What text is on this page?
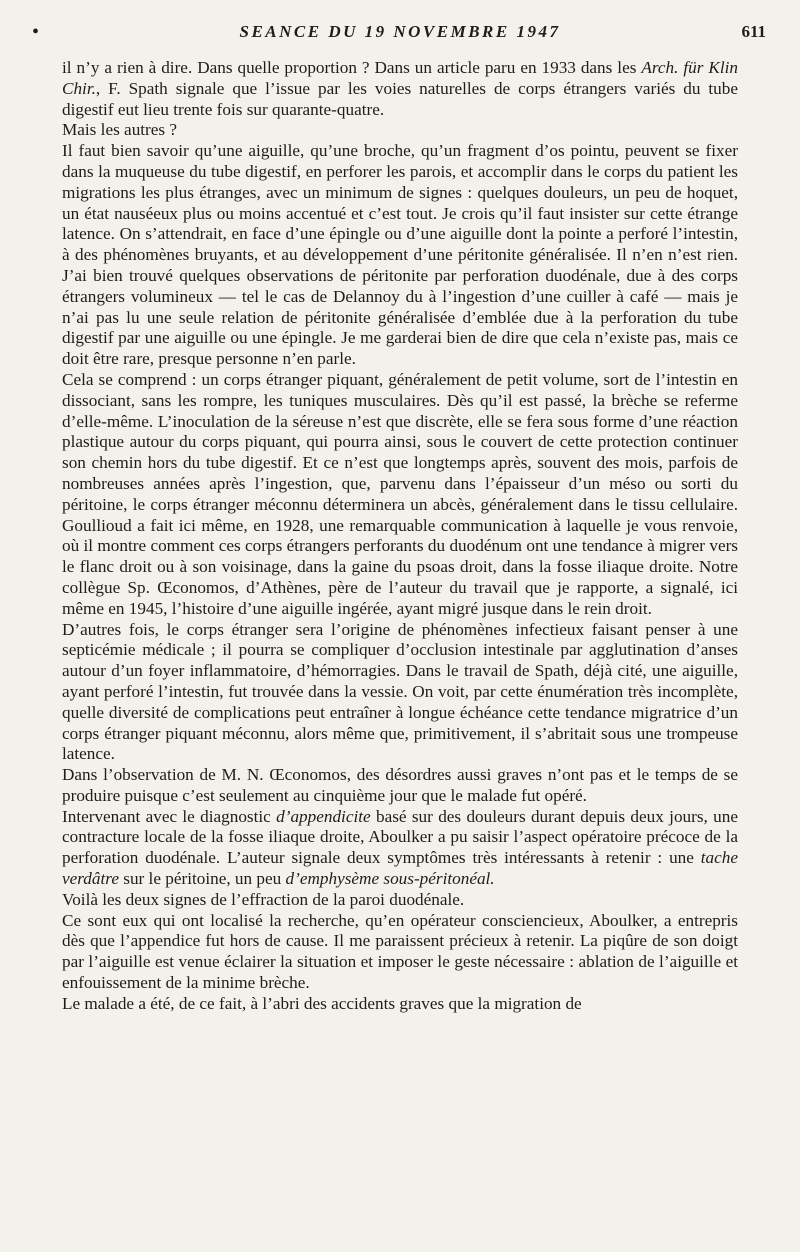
•	SEANCE DU 19 NOVEMBRE 1947	611

il n’y a rien à dire. Dans quelle proportion ? Dans un article paru en 1933 dans les Arch. für Klin Chir., F. Spath signale que l’issue par les voies naturelles de corps étrangers variés du tube digestif eut lieu trente fois sur quarante-quatre.

Mais les autres ?

Il faut bien savoir qu’une aiguille, qu’une broche, qu’un fragment d’os pointu, peuvent se fixer dans la muqueuse du tube digestif, en perforer les parois, et accomplir dans le corps du patient les migrations les plus étranges, avec un minimum de signes : quelques douleurs, un peu de hoquet, un état nauséeux plus ou moins accentué et c’est tout. Je crois qu’il faut insister sur cette étrange latence. On s’attendrait, en face d’une épingle ou d’une aiguille dont la pointe a perforé l’intestin, à des phénomènes bruyants, et au développement d’une péritonite généralisée. Il n’en n’est rien. J’ai bien trouvé quelques observations de péritonite par perforation duodénale, due à des corps étrangers volumineux — tel le cas de Delannoy du à l’ingestion d’une cuiller à café — mais je n’ai pas lu une seule relation de péritonite généralisée d’emblée due à la perforation du tube digestif par une aiguille ou une épingle. Je me garderai bien de dire que cela n’existe pas, mais ce doit être rare, presque personne n’en parle.

Cela se comprend : un corps étranger piquant, généralement de petit volume, sort de l’intestin en dissociant, sans les rompre, les tuniques musculaires. Dès qu’il est passé, la brèche se referme d’elle-même. L’inoculation de la séreuse n’est que discrète, elle se fera sous forme d’une réaction plastique autour du corps piquant, qui pourra ainsi, sous le couvert de cette protection continuer son chemin hors du tube digestif. Et ce n’est que longtemps après, souvent des mois, parfois de nombreuses années après l’ingestion, que, parvenu dans l’épaisseur d’un méso ou sorti du péritoine, le corps étranger méconnu déterminera un abcès, généralement dans le tissu cellulaire. Goullioud a fait ici même, en 1928, une remarquable communication à laquelle je vous renvoie, où il montre comment ces corps étrangers perforants du duodénum ont une tendance à migrer vers le flanc droit ou à son voisinage, dans la gaine du psoas droit, dans la fosse iliaque droite. Notre collègue Sp. Œconomos, d’Athènes, père de l’auteur du travail que je rapporte, a signalé, ici même en 1945, l’histoire d’une aiguille ingérée, ayant migré jusque dans le rein droit.

D’autres fois, le corps étranger sera l’origine de phénomènes infectieux faisant penser à une septicémie médicale ; il pourra se compliquer d’occlusion intestinale par agglutination d’anses autour d’un foyer inflammatoire, d’hémorragies. Dans le travail de Spath, déjà cité, une aiguille, ayant perforé l’intestin, fut trouvée dans la vessie. On voit, par cette énumération très incomplète, quelle diversité de complications peut entraîner à longue échéance cette tendance migratrice d’un corps étranger piquant méconnu, alors même que, primitivement, il s’abritait sous une trompeuse latence.

Dans l’observation de M. N. Œconomos, des désordres aussi graves n’ont pas et le temps de se produire puisque c’est seulement au cinquième jour que le malade fut opéré.

Intervenant avec le diagnostic d’appendicite basé sur des douleurs durant depuis deux jours, une contracture locale de la fosse iliaque droite, Aboulker a pu saisir l’aspect opératoire précoce de la perforation duodénale. L’auteur signale deux symptômes très intéressants à retenir : une tache verdâtre sur le péritoine, un peu d’emphysème sous-péritonéal.

Voilà les deux signes de l’effraction de la paroi duodénale.

Ce sont eux qui ont localisé la recherche, qu’en opérateur consciencieux, Aboulker, a entrepris dès que l’appendice fut hors de cause. Il me paraissent précieux à retenir. La piqûre de son doigt par l’aiguille est venue éclairer la situation et imposer le geste nécessaire : ablation de l’aiguille et enfouissement de la minime brèche.

Le malade a été, de ce fait, à l’abri des accidents graves que la migration de
